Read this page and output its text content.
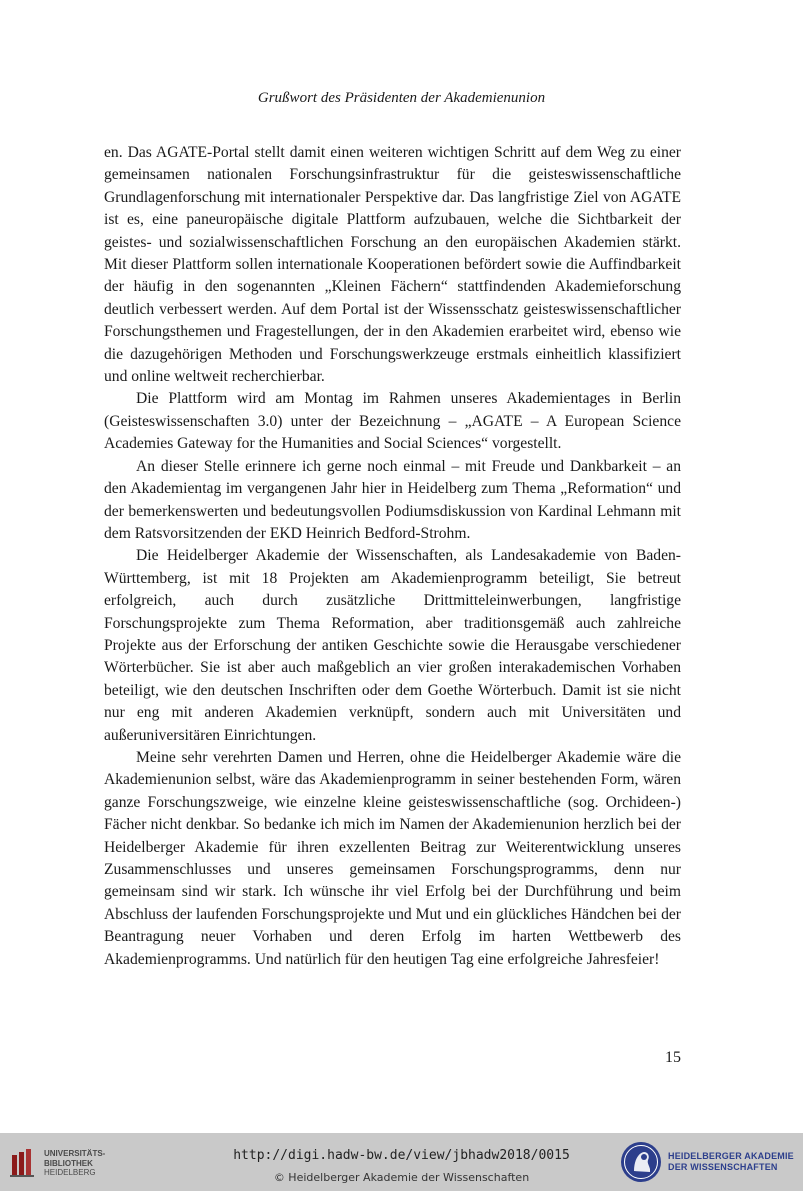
Grußwort des Präsidenten der Akademienunion

en. Das AGATE-Portal stellt damit einen weiteren wichtigen Schritt auf dem Weg zu einer gemeinsamen nationalen Forschungsinfrastruktur für die geisteswissenschaftliche Grundlagenforschung mit internationaler Perspektive dar. Das langfristige Ziel von AGATE ist es, eine paneuropäische digitale Plattform aufzubauen, welche die Sichtbarkeit der geistes- und sozialwissenschaftlichen Forschung an den europäischen Akademien stärkt. Mit dieser Plattform sollen internationale Kooperationen befördert sowie die Auffindbarkeit der häufig in den sogenannten „Kleinen Fächern“ stattfindenden Akademieforschung deutlich verbessert werden. Auf dem Portal ist der Wissensschatz geisteswissenschaftlicher Forschungsthemen und Fragestellungen, der in den Akademien erarbeitet wird, ebenso wie die dazugehörigen Methoden und Forschungswerkzeuge erstmals einheitlich klassifiziert und online weltweit recherchierbar.

Die Plattform wird am Montag im Rahmen unseres Akademientages in Berlin (Geisteswissenschaften 3.0) unter der Bezeichnung – „AGATE – A European Science Academies Gateway for the Humanities and Social Sciences“ vorgestellt.

An dieser Stelle erinnere ich gerne noch einmal – mit Freude und Dankbarkeit – an den Akademientag im vergangenen Jahr hier in Heidelberg zum Thema „Reformation“ und der bemerkenswerten und bedeutungsvollen Podiumsdiskussion von Kardinal Lehmann mit dem Ratsvorsitzenden der EKD Heinrich Bedford-Strohm.

Die Heidelberger Akademie der Wissenschaften, als Landesakademie von Baden-Württemberg, ist mit 18 Projekten am Akademienprogramm beteiligt, Sie betreut erfolgreich, auch durch zusätzliche Drittmitteleinwerbungen, langfristige Forschungsprojekte zum Thema Reformation, aber traditionsgemäß auch zahlreiche Projekte aus der Erforschung der antiken Geschichte sowie die Herausgabe verschiedener Wörterbücher. Sie ist aber auch maßgeblich an vier großen interakademischen Vorhaben beteiligt, wie den deutschen Inschriften oder dem Goethe Wörterbuch. Damit ist sie nicht nur eng mit anderen Akademien verknüpft, sondern auch mit Universitäten und außeruniversitären Einrichtungen.

Meine sehr verehrten Damen und Herren, ohne die Heidelberger Akademie wäre die Akademienunion selbst, wäre das Akademienprogramm in seiner bestehenden Form, wären ganze Forschungszweige, wie einzelne kleine geisteswissenschaftliche (sog. Orchideen-) Fächer nicht denkbar. So bedanke ich mich im Namen der Akademienunion herzlich bei der Heidelberger Akademie für ihren exzellenten Beitrag zur Weiterentwicklung unseres Zusammenschlusses und unseres gemeinsamen Forschungsprogramms, denn nur gemeinsam sind wir stark. Ich wünsche ihr viel Erfolg bei der Durchführung und beim Abschluss der laufenden Forschungsprojekte und Mut und ein glückliches Händchen bei der Beantragung neuer Vorhaben und deren Erfolg im harten Wettbewerb des Akademienprogramms. Und natürlich für den heutigen Tag eine erfolgreiche Jahresfeier!

15
UNIVERSITÄTS-
BIBLIOTHEK
HEIDELBERG
http://digi.hadw-bw.de/view/jbhadw2018/0015
© Heidelberger Akademie der Wissenschaften
HEIDELBERGER AKADEMIE
DER WISSENSCHAFTEN
